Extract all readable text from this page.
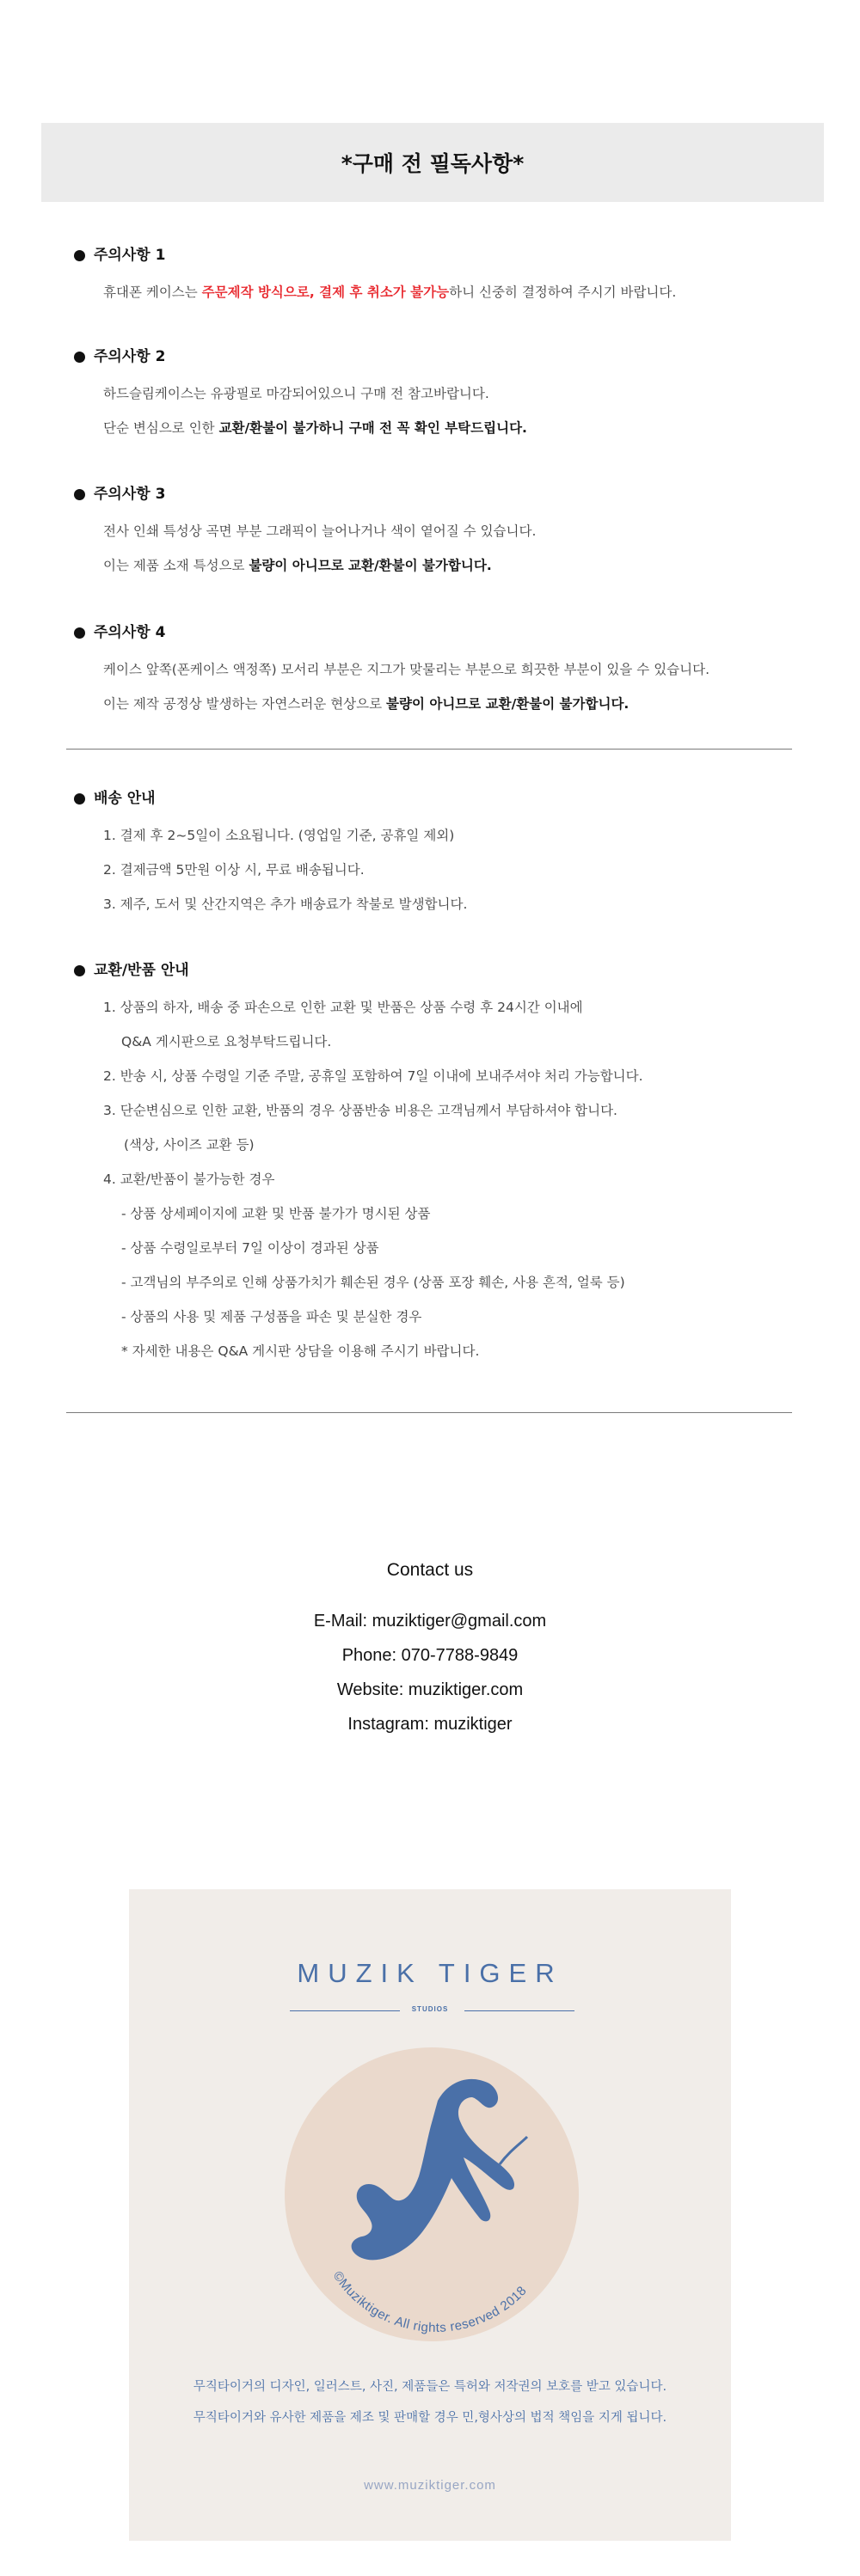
*구매 전 필독사항*
주의사항 1
휴대폰 케이스는 주문제작 방식으로, 결제 후 취소가 불가능하니 신중히 결정하여 주시기 바랍니다.
주의사항 2
하드슬림케이스는 유광필로 마감되어있으니 구매 전 참고바랍니다.
단순 변심으로 인한 교환/환불이 불가하니 구매 전 꼭 확인 부탁드립니다.
주의사항 3
전사 인쇄 특성상 곡면 부분 그래픽이 늘어나거나 색이 옅어질 수 있습니다.
이는 제품 소재 특성으로 불량이 아니므로 교환/환불이 불가합니다.
주의사항 4
케이스 앞쪽(폰케이스 액정쪽) 모서리 부분은 지그가 맞물리는 부분으로 희끗한 부분이 있을 수 있습니다.
이는 제작 공정상 발생하는 자연스러운 현상으로 불량이 아니므로 교환/환불이 불가합니다.
배송 안내
1. 결제 후 2~5일이 소요됩니다. (영업일 기준, 공휴일 제외)
2. 결제금액 5만원 이상 시, 무료 배송됩니다.
3. 제주, 도서 및 산간지역은 추가 배송료가 착불로 발생합니다.
교환/반품 안내
1. 상품의 하자, 배송 중 파손으로 인한 교환 및 반품은 상품 수령 후 24시간 이내에
Q&A 게시판으로 요청부탁드립니다.
2. 반송 시, 상품 수령일 기준 주말, 공휴일 포함하여 7일 이내에 보내주셔야 처리 가능합니다.
3. 단순변심으로 인한 교환, 반품의 경우 상품반송 비용은 고객님께서 부담하셔야 합니다.
(색상, 사이즈 교환 등)
4. 교환/반품이 불가능한 경우
- 상품 상세페이지에 교환 및 반품 불가가 명시된 상품
- 상품 수령일로부터 7일 이상이 경과된 상품
- 고객님의 부주의로 인해 상품가치가 훼손된 경우 (상품 포장 훼손, 사용 흔적, 얼룩 등)
- 상품의 사용 및 제품 구성품을 파손 및 분실한 경우
* 자세한 내용은 Q&A 게시판 상담을 이용해 주시기 바랍니다.
Contact us
E-Mail: muziktiger@gmail.com
Phone: 070-7788-9849
Website: muziktiger.com
Instagram: muziktiger
MUZIK TIGER
STUDIOS
©Muziktiger. All rights reserved 2018
무직타이거의 디자인, 일러스트, 사진, 제품들은 특허와 저작권의 보호를 받고 있습니다.
무직타이거와 유사한 제품을 제조 및 판매할 경우 민,형사상의 법적 책임을 지게 됩니다.
www.muziktiger.com
